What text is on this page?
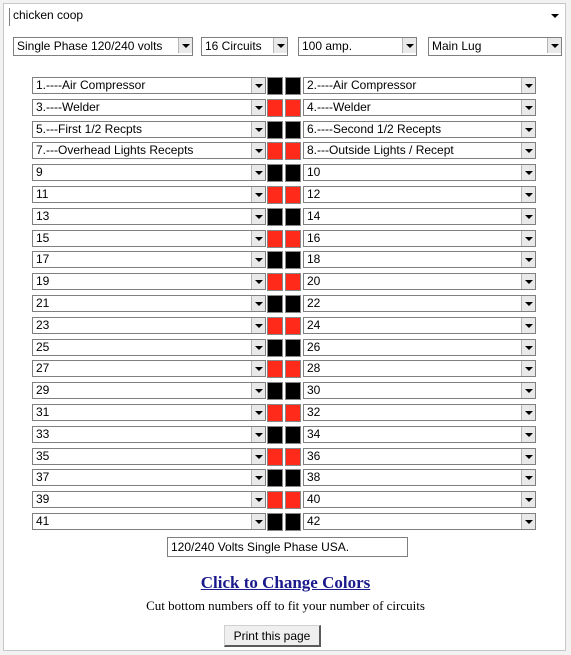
chicken coop
Single Phase 120/240 volts	16 Circuits	100 amp.	Main Lug
1.----Air Compressor	2.----Air Compressor
3.----Welder	4.----Welder
5.---First 1/2 Recpts	6.----Second 1/2 Recepts
7.---Overhead Lights Recepts	8.---Outside Lights / Recept
9	10
11	12
13	14
15	16
17	18
19	20
21	22
23	24
25	26
27	28
29	30
31	32
33	34
35	36
37	38
39	40
41	42
120/240 Volts Single Phase USA.
Click to Change Colors
Cut bottom numbers off to fit your number of circuits
Print this page
